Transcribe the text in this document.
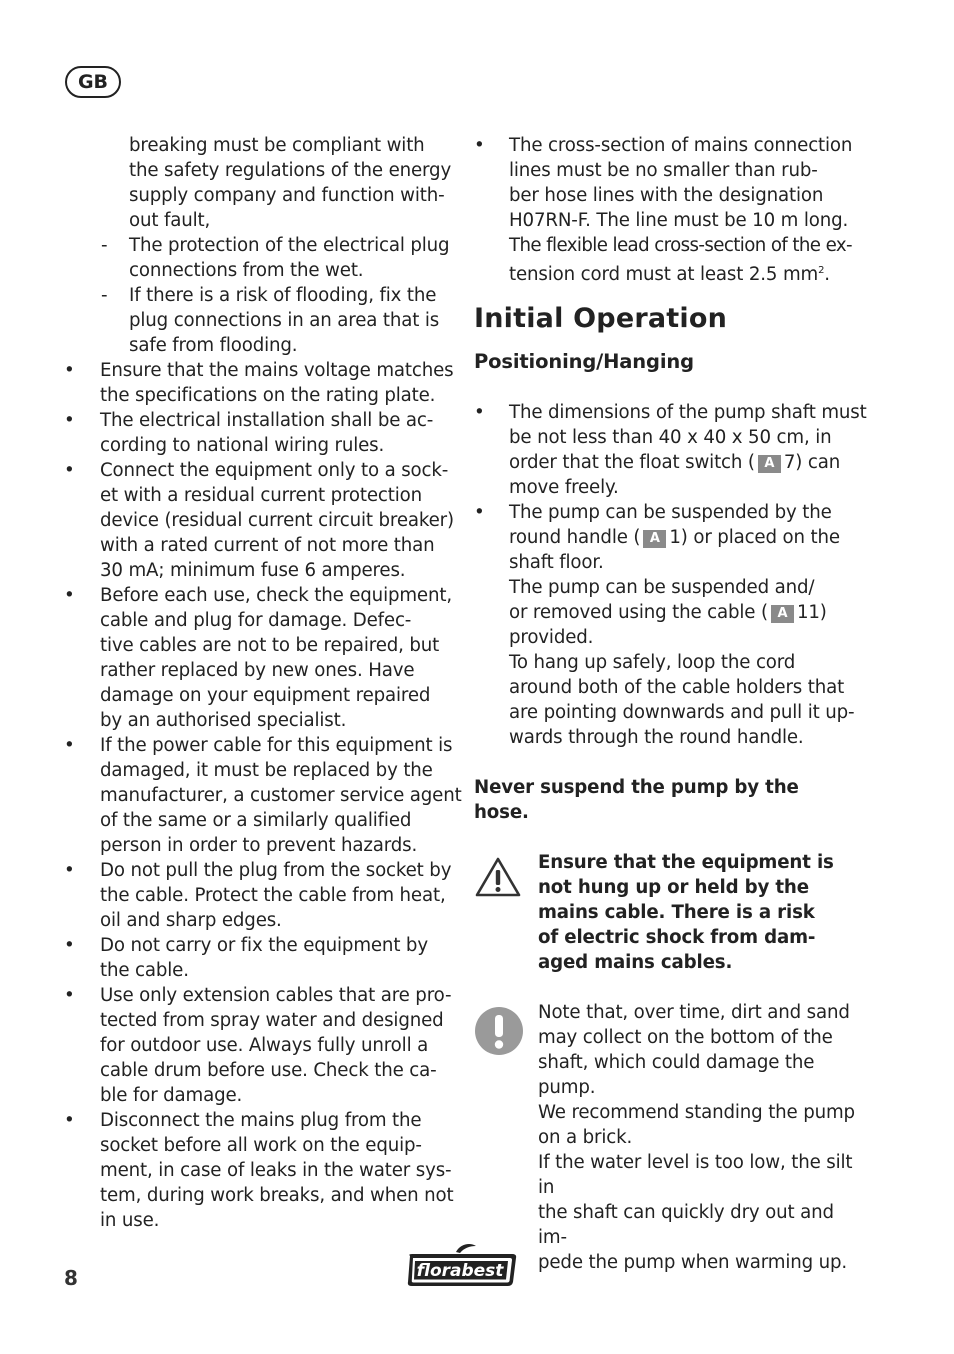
GB
breaking must be compliant with
the safety regulations of the energy
supply company and function with-
out fault,
- The protection of the electrical plug
connections from the wet.
- If there is a risk of flooding, fix the
plug connections in an area that is
safe from flooding.
• Ensure that the mains voltage matches
the specifications on the rating plate.
• The electrical installation shall be ac-
cording to national wiring rules.
• Connect the equipment only to a sock-
et with a residual current protection
device (residual current circuit breaker)
with a rated current of not more than
30 mA; minimum fuse 6 amperes.
• Before each use, check the equipment,
cable and plug for damage. Defec-
tive cables are not to be repaired, but
rather replaced by new ones. Have
damage on your equipment repaired
by an authorised specialist.
• If the power cable for this equipment is
damaged, it must be replaced by the
manufacturer, a customer service agent
of the same or a similarly qualified
person in order to prevent hazards.
• Do not pull the plug from the socket by
the cable. Protect the cable from heat,
oil and sharp edges.
• Do not carry or fix the equipment by
the cable.
• Use only extension cables that are pro-
tected from spray water and designed
for outdoor use. Always fully unroll a
cable drum before use. Check the ca-
ble for damage.
• Disconnect the mains plug from the
socket before all work on the equip-
ment, in case of leaks in the water sys-
tem, during work breaks, and when not
in use.
• The cross-section of mains connection
lines must be no smaller than rub-
ber hose lines with the designation
H07RN-F. The line must be 10 m long.
The flexible lead cross-section of the ex-
tension cord must at least 2.5 $mm^2$.
Initial Operation
Positioning/Hanging
• The dimensions of the pump shaft must
be not less than 40 x 40 x 50 cm, in
order that the float switch ( A 7) can
move freely.
• The pump can be suspended by the
round handle ( A 1) or placed on the
shaft floor.
The pump can be suspended and/
or removed using the cable ( A 11)
provided.
To hang up safely, loop the cord
around both of the cable holders that
are pointing downwards and pull it up-
wards through the round handle.
Never suspend the pump by the
hose.
Ensure that the equipment is
not hung up or held by the
mains cable. There is a risk
of electric shock from dam-
aged mains cables.
Note that, over time, dirt and sand
may collect on the bottom of the
shaft, which could damage the
pump.
We recommend standing the pump
on a brick.
If the water level is too low, the silt in
the shaft can quickly dry out and im-
pede the pump when warming up.
8	florabest
